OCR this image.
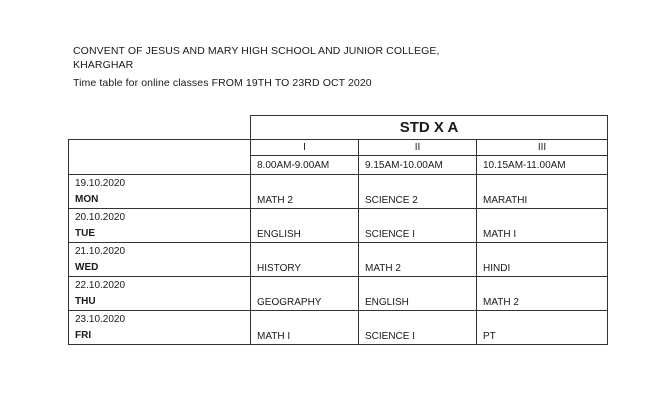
CONVENT OF JESUS AND MARY HIGH SCHOOL AND JUNIOR COLLEGE,
KHARGHAR
Time table for online classes FROM 19TH TO 23RD OCT 2020
	STD X A		
	I	II	III
	8.00AM-9.00AM	9.15AM-10.00AM	10.15AM-11.00AM

19.10.2020
MON	MATH 2	SCIENCE 2	MARATHI

20.10.2020
TUE	ENGLISH	SCIENCE I	MATH I

21.10.2020
WED	HISTORY	MATH 2	HINDI

22.10.2020
THU	GEOGRAPHY	ENGLISH	MATH 2

23.10.2020
FRI	MATH I	SCIENCE I	PT
